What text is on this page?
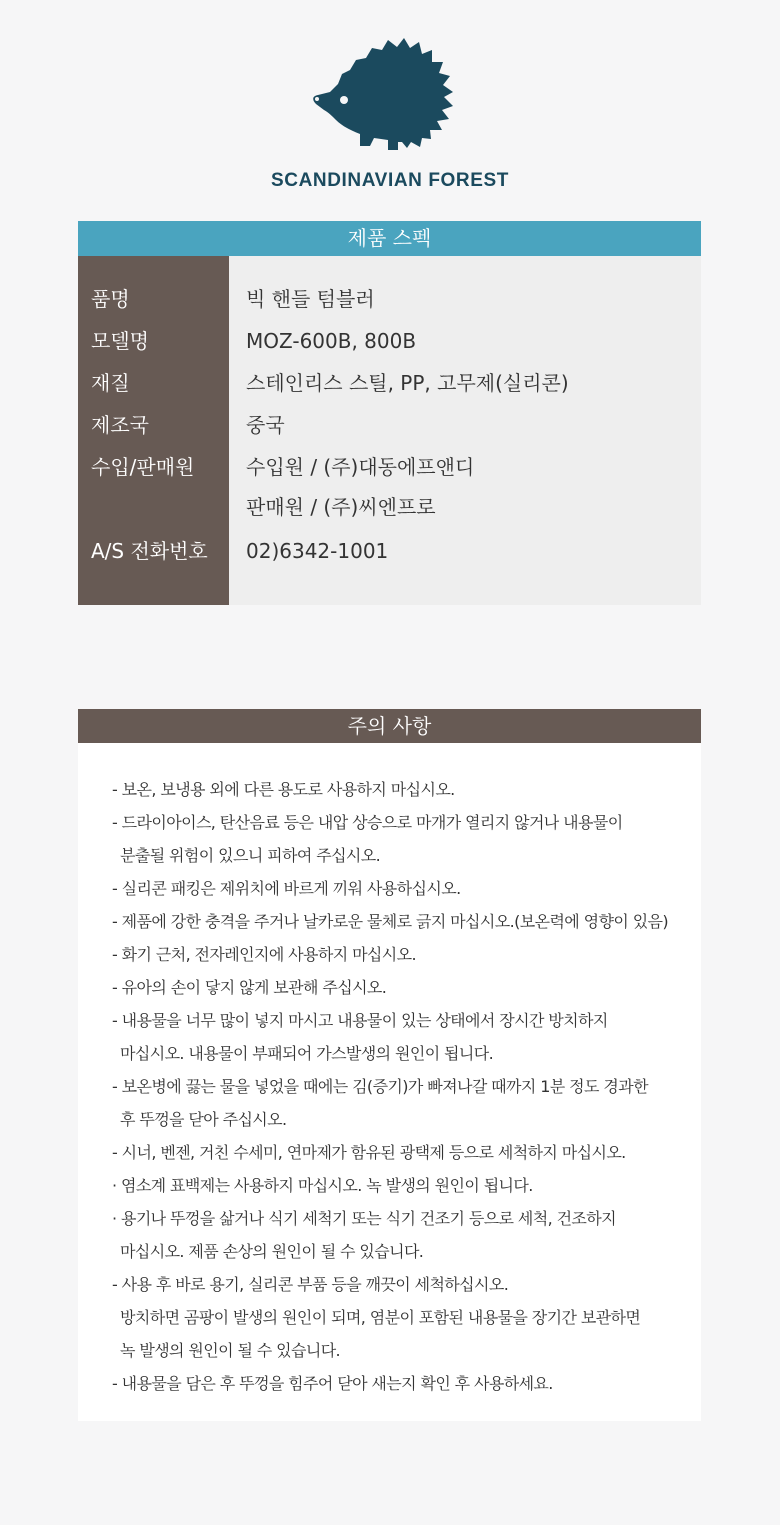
SCANDINAVIAN FOREST
제품 스펙
품명	빅 핸들 텀블러
모델명	MOZ-600B, 800B
재질	스테인리스 스틸, PP, 고무제(실리콘)
제조국	중국
수입/판매원	수입원 / (주)대동에프앤디
판매원 / (주)씨엔프로
A/S 전화번호 02)6342-1001
주의 사항
- 보온, 보냉용 외에 다른 용도로 사용하지 마십시오.
- 드라이아이스, 탄산음료 등은 내압 상승으로 마개가 열리지 않거나 내용물이
분출될 위험이 있으니 피하여 주십시오.
- 실리콘 패킹은 제위치에 바르게 끼워 사용하십시오.
- 제품에 강한 충격을 주거나 날카로운 물체로 긁지 마십시오.(보온력에 영향이 있음)
- 화기 근처, 전자레인지에 사용하지 마십시오.
- 유아의 손이 닿지 않게 보관해 주십시오.
- 내용물을 너무 많이 넣지 마시고 내용물이 있는 상태에서 장시간 방치하지
마십시오. 내용물이 부패되어 가스발생의 원인이 됩니다.
- 보온병에 끓는 물을 넣었을 때에는 김(증기)가 빠져나갈 때까지 1분 정도 경과한
후 뚜껑을 닫아 주십시오.
- 시너, 벤젠, 거친 수세미, 연마제가 함유된 광택제 등으로 세척하지 마십시오.
· 염소계 표백제는 사용하지 마십시오. 녹 발생의 원인이 됩니다.
· 용기나 뚜껑을 삶거나 식기 세척기 또는 식기 건조기 등으로 세척, 건조하지
마십시오. 제품 손상의 원인이 될 수 있습니다.
- 사용 후 바로 용기, 실리콘 부품 등을 깨끗이 세척하십시오.
방치하면 곰팡이 발생의 원인이 되며, 염분이 포함된 내용물을 장기간 보관하면
녹 발생의 원인이 될 수 있습니다.
- 내용물을 담은 후 뚜껑을 힘주어 닫아 새는지 확인 후 사용하세요.
